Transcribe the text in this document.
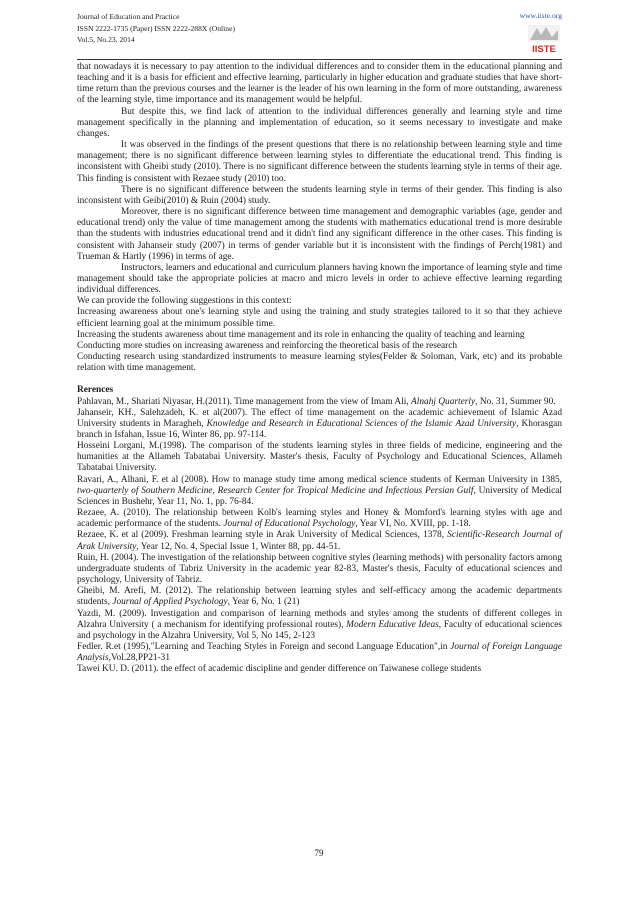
Journal of Education and Practice
ISSN 2222-1735 (Paper) ISSN 2222-288X (Online)
Vol.5, No.23, 2014
www.iiste.org
IISTE

that nowadays it is necessary to pay attention to the individual differences and to consider them in the educational planning and teaching and it is a basis for efficient and effective learning, particularly in higher education and graduate studies that have short-time return than the previous courses and the learner is the leader of his own learning in the form of more outstanding, awareness of the learning style, time importance and its management would be helpful.

But despite this, we find lack of attention to the individual differences generally and learning style and time management specifically in the planning and implementation of education, so it seems necessary to investigate and make changes.

It was observed in the findings of the present questions that there is no relationship between learning style and time management; there is no significant difference between learning styles to differentiate the educational trend. This finding is inconsistent with Gheibi study (2010). There is no significant difference between the students learning style in terms of their age. This finding is consistent with Rezaee study (2010) too.

There is no significant difference between the students learning style in terms of their gender. This finding is also inconsistent with Geibi(2010) & Ruin (2004) study.

Moreover, there is no significant difference between time management and demographic variables (age, gender and educational trend) only the value of time management among the students with mathematics educational trend is more desirable than the students with industries educational trend and it didn't find any significant difference in the other cases. This finding is consistent with Jahanseir study (2007) in terms of gender variable but it is inconsistent with the findings of Perch(1981) and Trueman & Hartly (1996) in terms of age.

Instructors, learners and educational and curriculum planners having known the importance of learning style and time management should take the appropriate policies at macro and micro levels in order to achieve effective learning regarding individual differences.

We can provide the following suggestions in this context:

Increasing awareness about one's learning style and using the training and study strategies tailored to it so that they achieve efficient learning goal at the minimum possible time.

Increasing the students awareness about time management and its role in enhancing the quality of teaching and learning

Conducting more studies on increasing awareness and reinforcing the theoretical basis of the research

Conducting research using standardized instruments to measure learning styles(Felder & Soloman, Vark, etc) and its probable relation with time management.

Rerences

Pahlavan, M., Shariati Niyasar, H.(2011). Time management from the view of Imam Ali, Alnahj Quarterly, No. 31, Summer 90.

Jahanseir, KH., Salehzadeh, K. et al(2007). The effect of time management on the academic achievement of Islamic Azad University students in Maragheh, Knowledge and Research in Educational Sciences of the Islamic Azad University, Khorasgan branch in Isfahan, Issue 16, Winter 86, pp. 97-114.

Hosseini Lorgani, M.(1998). The comparison of the students learning styles in three fields of medicine, engineering and the humanities at the Allameh Tabatabai University. Master's thesis, Faculty of Psychology and Educational Sciences, Allameh Tabatabai University.

Ravari, A., Alhani, F. et al (2008). How to manage study time among medical science students of Kerman University in 1385, two-quarterly of Southern Medicine, Research Center for Tropical Medicine and Infectious Persian Gulf, University of Medical Sciences in Bushehr, Year 11, No. 1, pp. 76-84.

Rezaee, A. (2010). The relationship between Kolb's learning styles and Honey & Momford's learning styles with age and academic performance of the students. Journal of Educational Psychology, Year VI, No. XVIII, pp. 1-18.

Rezaee, K. et al (2009). Freshman learning style in Arak University of Medical Sciences, 1378, Scientific-Research Journal of Arak University, Year 12, No. 4, Special Issue 1, Winter 88, pp. 44-51.

Ruin, H. (2004). The investigation of the relationship between cognitive styles (learning methods) with personality factors among undergraduate students of Tabriz University in the academic year 82-83, Master's thesis, Faculty of educational sciences and psychology, University of Tabriz.

Gheibi, M. Arefi, M. (2012). The relationship between learning styles and self-efficacy among the academic departments students, Journal of Applied Psychology, Year 6, No. 1 (21)

Yazdi, M. (2009). Investigation and comparison of learning methods and styles among the students of different colleges in Alzahra University ( a mechanism for identifying professional routes), Modern Educative Ideas, Faculty of educational sciences and psychology in the Alzahra University, Vol 5, No 145, 2-123

Fedler. R.et (1995),"Learning and Teaching Styles in Foreign and second Language Education",in Journal of Foreign Language Analysis,Vol.28,PP21-31

Tawei KU. D. (2011). the effect of academic discipline and gender difference on Taiwanese college students

79
